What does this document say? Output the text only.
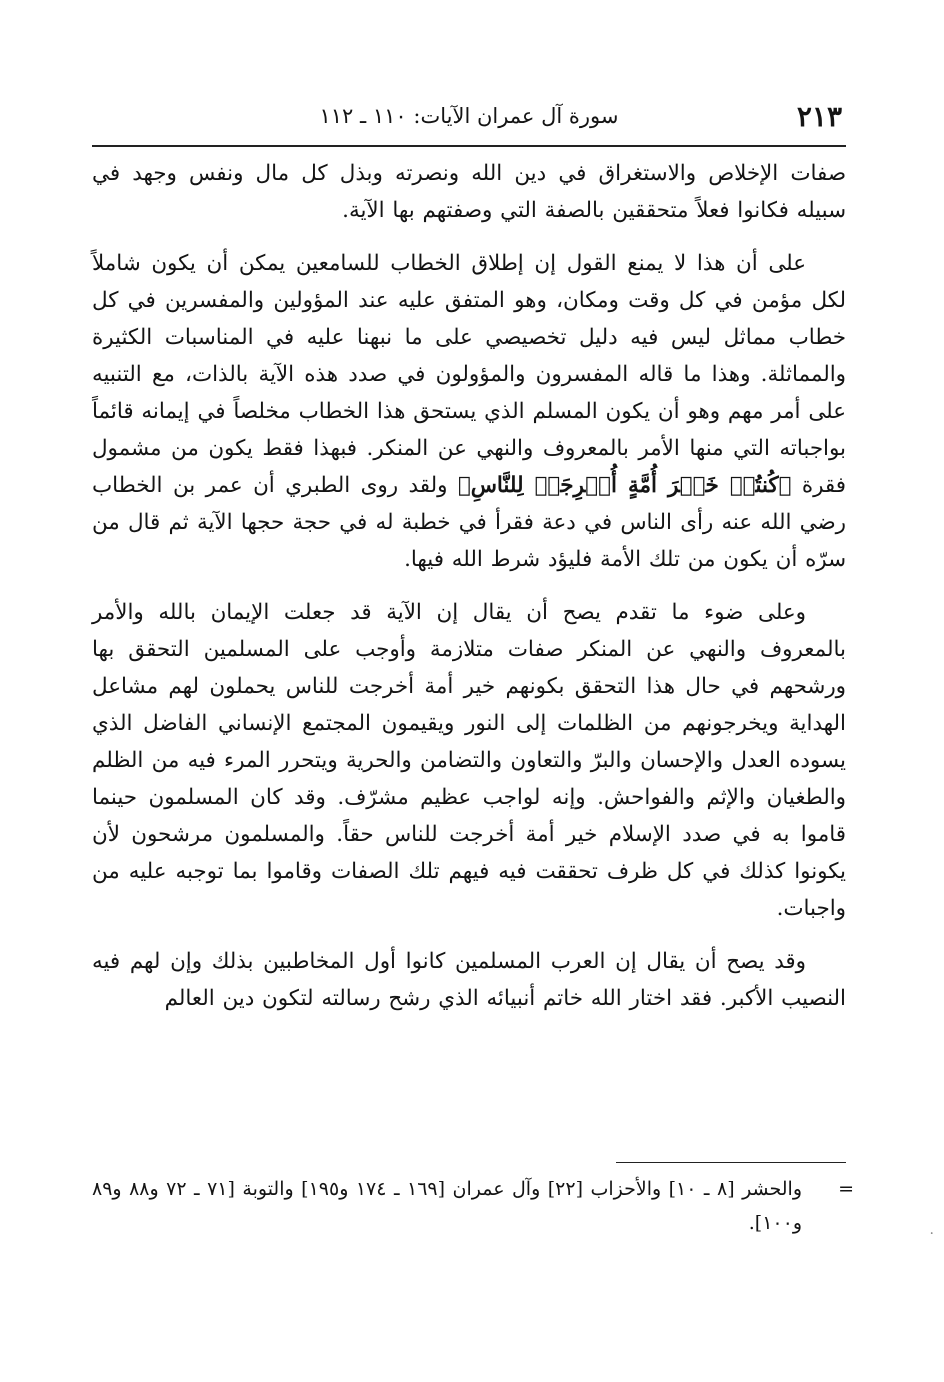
٢١٣
سورة آل عمران الآيات: ١١٠ ـ ١١٢

صفات الإخلاص والاستغراق في دين الله ونصرته وبذل كل مال ونفس وجهد في سبيله فكانوا فعلاً متحققين بالصفة التي وصفتهم بها الآية.

على أن هذا لا يمنع القول إن إطلاق الخطاب للسامعين يمكن أن يكون شاملاً لكل مؤمن في كل وقت ومكان، وهو المتفق عليه عند المؤولين والمفسرين في كل خطاب مماثل ليس فيه دليل تخصيصي على ما نبهنا عليه في المناسبات الكثيرة والمماثلة. وهذا ما قاله المفسرون والمؤولون في صدد هذه الآية بالذات، مع التنبيه على أمر مهم وهو أن يكون المسلم الذي يستحق هذا الخطاب مخلصاً في إيمانه قائماً بواجباته التي منها الأمر بالمعروف والنهي عن المنكر. فبهذا فقط يكون من مشمول فقرة ﴿كُنتُمۡ خَيۡرَ أُمَّةٍ أُخۡرِجَتۡ لِلنَّاسِ﴾ ولقد روى الطبري أن عمر بن الخطاب رضي الله عنه رأى الناس في دعة فقرأ في خطبة له في حجة حجها الآية ثم قال من سرّه أن يكون من تلك الأمة فليؤد شرط الله فيها.

وعلى ضوء ما تقدم يصح أن يقال إن الآية قد جعلت الإيمان بالله والأمر بالمعروف والنهي عن المنكر صفات متلازمة وأوجب على المسلمين التحقق بها ورشحهم في حال هذا التحقق بكونهم خير أمة أخرجت للناس يحملون لهم مشاعل الهداية ويخرجونهم من الظلمات إلى النور ويقيمون المجتمع الإنساني الفاضل الذي يسوده العدل والإحسان والبرّ والتعاون والتضامن والحرية ويتحرر المرء فيه من الظلم والطغيان والإثم والفواحش. وإنه لواجب عظيم مشرّف. وقد كان المسلمون حينما قاموا به في صدد الإسلام خير أمة أخرجت للناس حقاً. والمسلمون مرشحون لأن يكونوا كذلك في كل ظرف تحققت فيه فيهم تلك الصفات وقاموا بما توجبه عليه من واجبات.

وقد يصح أن يقال إن العرب المسلمين كانوا أول المخاطبين بذلك وإن لهم فيه النصيب الأكبر. فقد اختار الله خاتم أنبيائه الذي رشح رسالته لتكون دين العالم

=
والحشر [٨ ـ ١٠] والأحزاب [٢٢] وآل عمران [١٦٩ ـ ١٧٤ و١٩٥] والتوبة [٧١ ـ ٧٢ و٨٨ و٨٩ و١٠٠].	.
